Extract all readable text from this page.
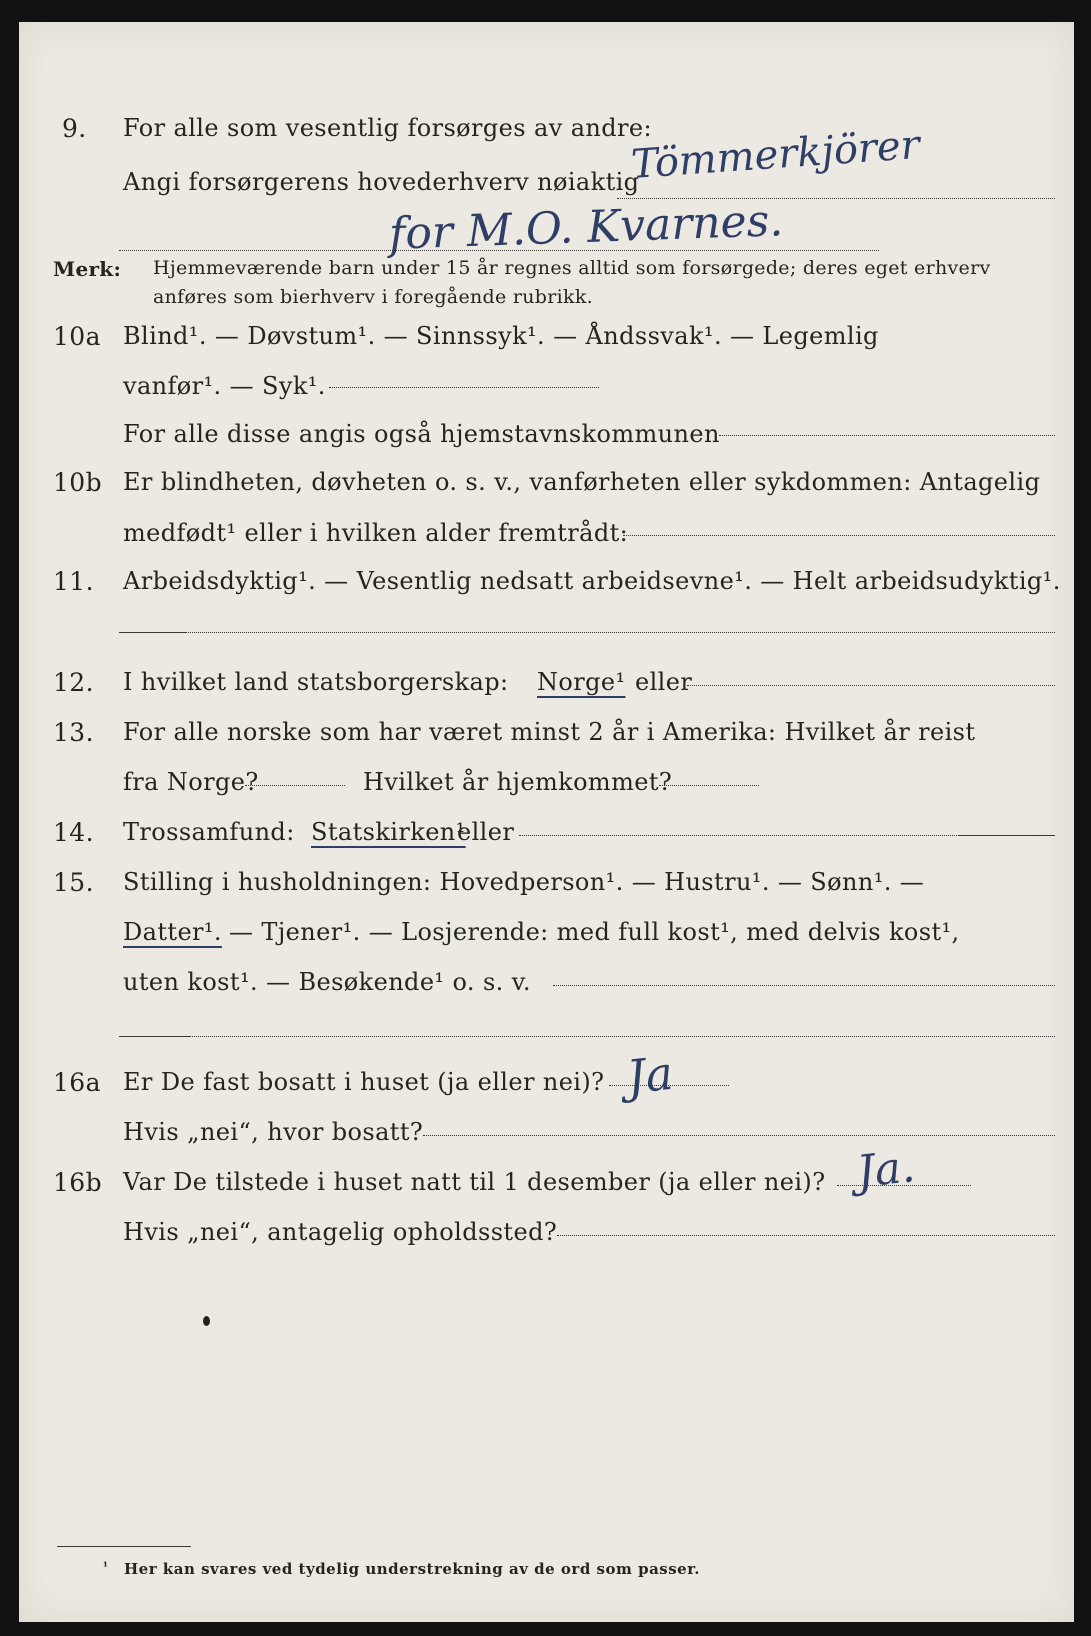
9. For alle som vesentlig forsørges av andre:
Tömmerkjörer
Angi forsørgerens hovederhverv nøiaktig
for M.O. Kvarnes.
Merk: Hjemmeværende barn under 15 år regnes alltid som forsørgede; deres eget erhverv
anføres som bierhverv i foregående rubrikk.
10a Blind¹. — Døvstum¹. — Sinnssyk¹. — Åndssvak¹. — Legemlig
vanfør¹. — Syk¹.
For alle disse angis også hjemstavnskommunen
10b Er blindheten, døvheten o. s. v., vanførheten eller sykdommen: Antagelig
medfødt¹ eller i hvilken alder fremtrådt:
11. Arbeidsdyktig¹. — Vesentlig nedsatt arbeidsevne¹. — Helt arbeidsudyktig¹.
12. I hvilket land statsborgerskap: Norge¹ eller
13. For alle norske som har været minst 2 år i Amerika: Hvilket år reist
fra Norge?	Hvilket år hjemkommet?
14. Trossamfund: Statskirken¹
eller
15. Stilling i husholdningen: Hovedperson¹. — Hustru¹. — Sønn¹. —
Datter¹. — Tjener¹. — Losjerende: med full kost¹, med delvis kost¹,
uten kost¹. — Besøkende¹ o. s. v.
16a Er De fast bosatt i huset (ja eller nei)? Ja
Hvis „nei“, hvor bosatt?
16b Var De tilstede i huset natt til 1 desember (ja eller nei)? Ja.
Hvis „nei“, antagelig opholdssted?
¹ Her kan svares ved tydelig understrekning av de ord som passer.
